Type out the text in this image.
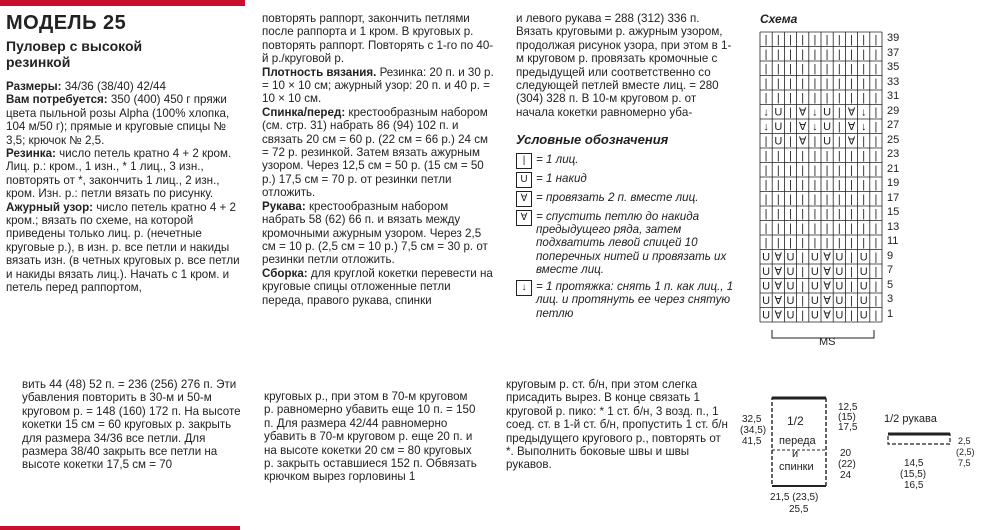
МОДЕЛЬ 25
Пуловер с высокой
резинкой

Размеры: 34/36 (38/40) 42/44

Вам потребуется: 350 (400) 450 г пряжи цвета пыльной розы Alpha (100% хлопка, 104 м/50 г); прямые и круговые спицы № 3,5; крючок № 2,5.

Резинка: число петель кратно 4 + 2 кром. Лиц. р.: кром., 1 изн., * 1 лиц., 3 изн., повторять от *, закончить 1 лиц., 2 изн., кром. Изн. р.: петли вязать по рисунку.

Ажурный узор: число петель кратно 4 + 2 кром.; вязать по схеме, на которой приведены только лиц. р. (нечетные круговые р.), в изн. р. все петли и накиды вязать изн. (в четных круговых р. все петли и накиды вязать лиц.). Начать с 1 кром. и петель перед раппортом,

повторять раппорт, закончить петлями после раппорта и 1 кром. В круговых р. повторять раппорт. Повторять с 1-го по 40-й р./круговой р.

Плотность вязания. Резинка: 20 п. и 30 р. = 10 × 10 см; ажурный узор: 20 п. и 40 р. = 10 × 10 см.

Спинка/перед: крестообразным набором (см. стр. 31) набрать 86 (94) 102 п. и связать 20 см = 60 р. (22 см = 66 р.) 24 см = 72 р. резинкой. Затем вязать ажурным узором. Через 12,5 см = 50 р. (15 см = 50 р.) 17,5 см = 70 р. от резинки петли отложить.

Рукава: крестообразным набором набрать 58 (62) 66 п. и вязать между кромочными ажурным узором. Через 2,5 см = 10 р. (2,5 см = 10 р.) 7,5 см = 30 р. от резинки петли отложить.

Сборка: для круглой кокетки перевести на круговые спицы отложенные петли переда, правого рукава, спинки

и левого рукава = 288 (312) 336 п. Вязать круговыми р. ажурным узором, продолжая рисунок узора, при этом в 1-м круговом р. провязать кромочные с предыдущей или соответственно со следующей петлей вместе лиц. = 280 (304) 328 п. В 10-м круговом р. от начала кокетки равномерно убa-

Условные обозначения
| = 1 лиц.
U = 1 накид
∀ = провязать 2 п. вместе лиц.
∀ = спустить петлю до накида предыдущего ряда, затем подхватить левой спицей 10 поперечных нитей и провязать их вместе лиц.
↓ = 1 протяжка: снять 1 п. как лиц., 1 лиц. и протянуть ее через снятую петлю
Схема
| | | | | | | | | |
| | | | | | | | | |
| | | | | | | | | |
| | | | | | | | | |
| | | | | | | | | |
↓ U | ∀ ↓ U | ∀ ↓ |
↓ U | ∀ ↓ U | ∀ ↓ |
| U | ∀ | U | ∀ | |
| | | | | | | | | |
| | | | | | | | | |
| | | | | | | | | |
| | | | | | | | | |
| | | | | | | | | |
| | | | | | | | | |
| | | | | | | | | |
U ∀ U | U ∀ U | U |
U ∀ U | U ∀ U | U |
U ∀ U | U ∀ U | U |
U ∀ U | U ∀ U | U |
U ∀ U | U ∀ U | U |
MS
39
37
35
33
31
29
27
25
23
21
19
17
15
13
11
9
7
5
3
1
вить 44 (48) 52 п. = 236 (256) 276 п. Эти убавления повторить в 30-м и 50-м круговом р. = 148 (160) 172 п. На высоте кокетки 15 см = 60 круговых р. закрыть для размера 34/36 все петли. Для размера 38/40 закрыть все петли на высоте кокетки 17,5 см = 70
круговых р., при этом в 70-м круговом р. равномерно убавить еще 10 п. = 150 п. Для размера 42/44 равномерно убавить в 70-м круговом р. еще 20 п. и на высоте кокетки 20 см = 80 круговых р. закрыть оставшиеся 152 п. Обвязать крючком вырез горловины 1
круговым р. ст. б/н, при этом слегка присадить вырез. В конце связать 1 круговой р. пико: * 1 ст. б/н, 3 возд. п., 1 соед. ст. в 1-й ст. б/н, пропустить 1 ст. б/н предыдущего кругового р., повторять от *. Выполнить боковые швы и швы рукавов.
1/2
переда
и
спинки
32,5
(34,5)
41,5
12,5
(15)
17,5
20
(22)
24
21,5 (23,5)
25,5
1/2 рукава
2,5
(2,5)
7,5
14,5
(15,5)
16,5
